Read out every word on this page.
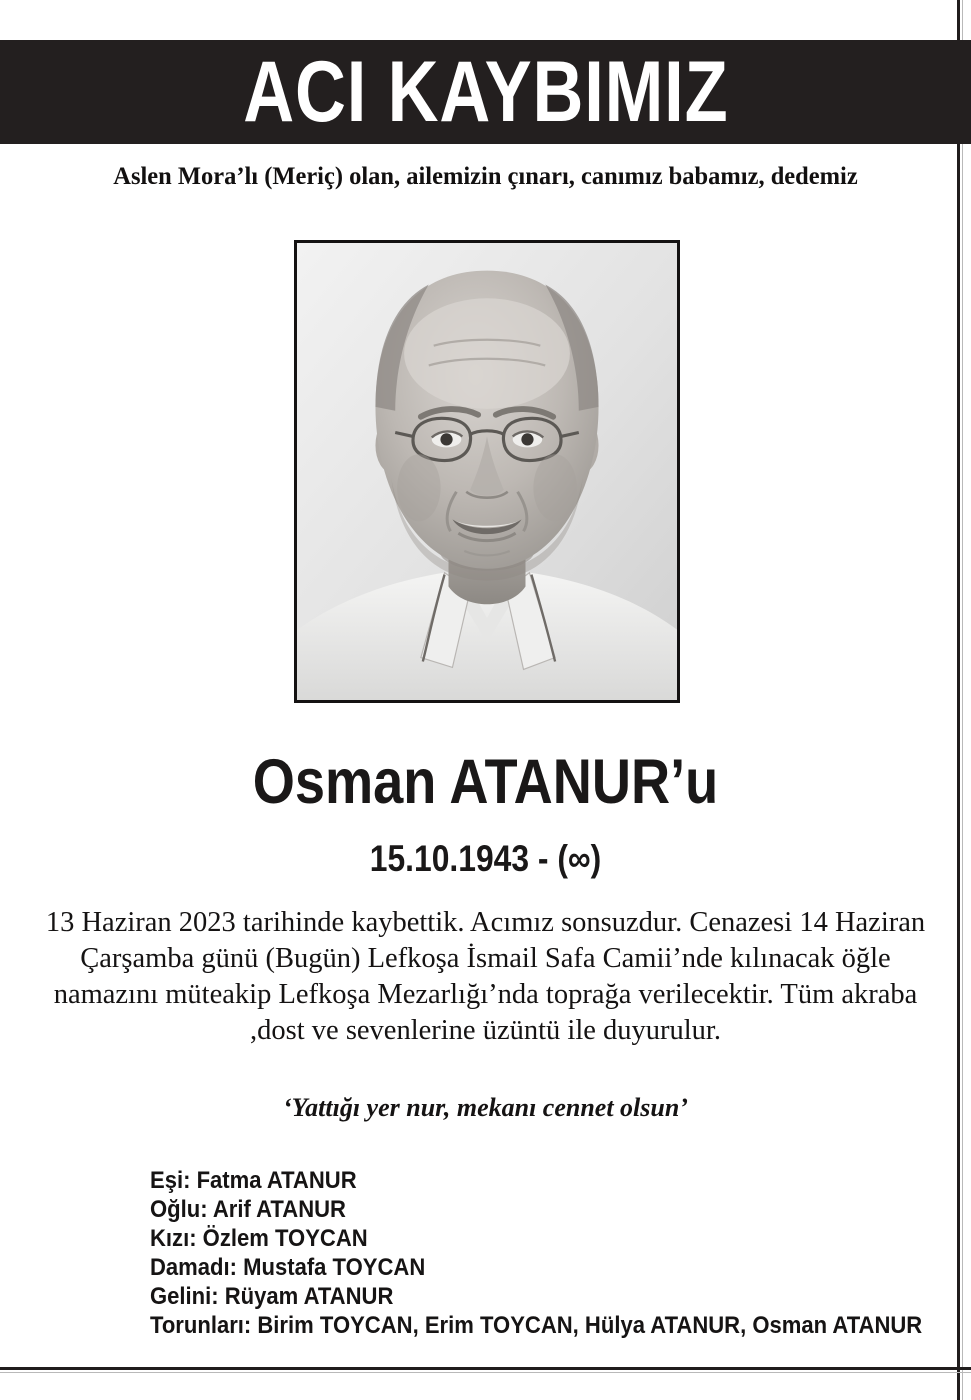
ACI KAYBIMIZ
Aslen Mora’lı (Meriç) olan, ailemizin çınarı, canımız babamız, dedemiz
Osman ATANUR’u
15.10.1943 - (∞)
13 Haziran 2023 tarihinde kaybettik. Acımız sonsuzdur. Cenazesi 14 Haziran Çarşamba günü (Bugün) Lefkoşa İsmail Safa Camii’nde kılınacak öğle namazını müteakip Lefkoşa Mezarlığı’nda toprağa verilecektir. Tüm akraba ,dost ve sevenlerine üzüntü ile duyurulur.
‘Yattığı yer nur, mekanı cennet olsun’
Eşi: Fatma ATANUR
Oğlu: Arif ATANUR
Kızı: Özlem TOYCAN
Damadı: Mustafa TOYCAN
Gelini: Rüyam ATANUR
Torunları: Birim TOYCAN, Erim TOYCAN, Hülya ATANUR, Osman ATANUR
